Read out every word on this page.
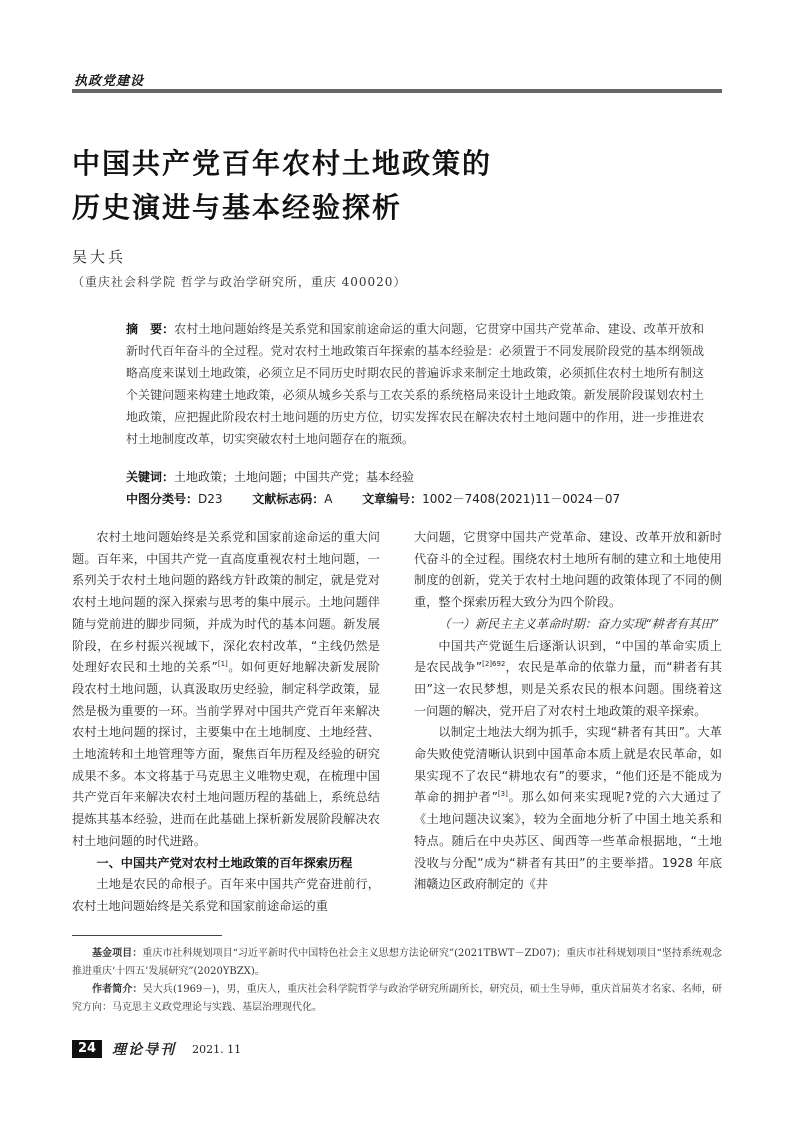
执政党建设
中国共产党百年农村土地政策的
历史演进与基本经验探析
吴大兵
（重庆社会科学院 哲学与政治学研究所，重庆 400020）
摘　要：农村土地问题始终是关系党和国家前途命运的重大问题，它贯穿中国共产党革命、建设、改革开放和新时代百年奋斗的全过程。党对农村土地政策百年探索的基本经验是：必须置于不同发展阶段党的基本纲领战略高度来谋划土地政策，必须立足不同历史时期农民的普遍诉求来制定土地政策，必须抓住农村土地所有制这个关键问题来构建土地政策，必须从城乡关系与工农关系的系统格局来设计土地政策。新发展阶段谋划农村土地政策，应把握此阶段农村土地问题的历史方位，切实发挥农民在解决农村土地问题中的作用，进一步推进农村土地制度改革，切实突破农村土地问题存在的瓶颈。
关键词：土地政策；土地问题；中国共产党；基本经验
中图分类号：D23 文献标志码：A 文章编号：1002－7408(2021)11－0024－07

农村土地问题始终是关系党和国家前途命运的重大问题。百年来，中国共产党一直高度重视农村土地问题，一系列关于农村土地问题的路线方针政策的制定，就是党对农村土地问题的深入探索与思考的集中展示。土地问题伴随与党前进的脚步同频，并成为时代的基本问题。新发展阶段，在乡村振兴视域下，深化农村改革，“主线仍然是处理好农民和土地的关系”[1]。如何更好地解决新发展阶段农村土地问题，认真汲取历史经验，制定科学政策，显然是极为重要的一环。当前学界对中国共产党百年来解决农村土地问题的探讨，主要集中在土地制度、土地经营、土地流转和土地管理等方面，聚焦百年历程及经验的研究成果不多。本文将基于马克思主义唯物史观，在梳理中国共产党百年来解决农村土地问题历程的基础上，系统总结提炼其基本经验，进而在此基础上探析新发展阶段解决农村土地问题的时代进路。

一、中国共产党对农村土地政策的百年探索历程

土地是农民的命根子。百年来中国共产党奋进前行，农村土地问题始终是关系党和国家前途命运的重

大问题，它贯穿中国共产党革命、建设、改革开放和新时代奋斗的全过程。围绕农村土地所有制的建立和土地使用制度的创新，党关于农村土地问题的政策体现了不同的侧重，整个探索历程大致分为四个阶段。

（一）新民主主义革命时期：奋力实现“耕者有其田”

中国共产党诞生后逐渐认识到，“中国的革命实质上是农民战争”$^{[2]692}$，农民是革命的依靠力量，而“耕者有其田”这一农民梦想，则是关系农民的根本问题。围绕着这一问题的解决，党开启了对农村土地政策的艰辛探索。

以制定土地法大纲为抓手，实现“耕者有其田”。大革命失败使党清晰认识到中国革命本质上就是农民革命，如果实现不了农民“耕地农有”的要求，“他们还是不能成为革命的拥护者”[3]。那么如何来实现呢?党的六大通过了《土地问题决议案》，较为全面地分析了中国土地关系和特点。随后在中央苏区、闽西等一些革命根据地，“土地没收与分配”成为“耕者有其田”的主要举措。1928 年底湘赣边区政府制定的《井

基金项目：重庆市社科规划项目“习近平新时代中国特色社会主义思想方法论研究”(2021TBWT－ZD07)；重庆市社科规划项目“坚持系统观念推进重庆‘十四五’发展研究”(2020YBZX)。

作者简介：吴大兵(1969－)，男，重庆人，重庆社会科学院哲学与政治学研究所副所长，研究员，硕士生导师，重庆首届英才名家、名师，研究方向：马克思主义政党理论与实践、基层治理现代化。

24	理论导刊 2021. 11
